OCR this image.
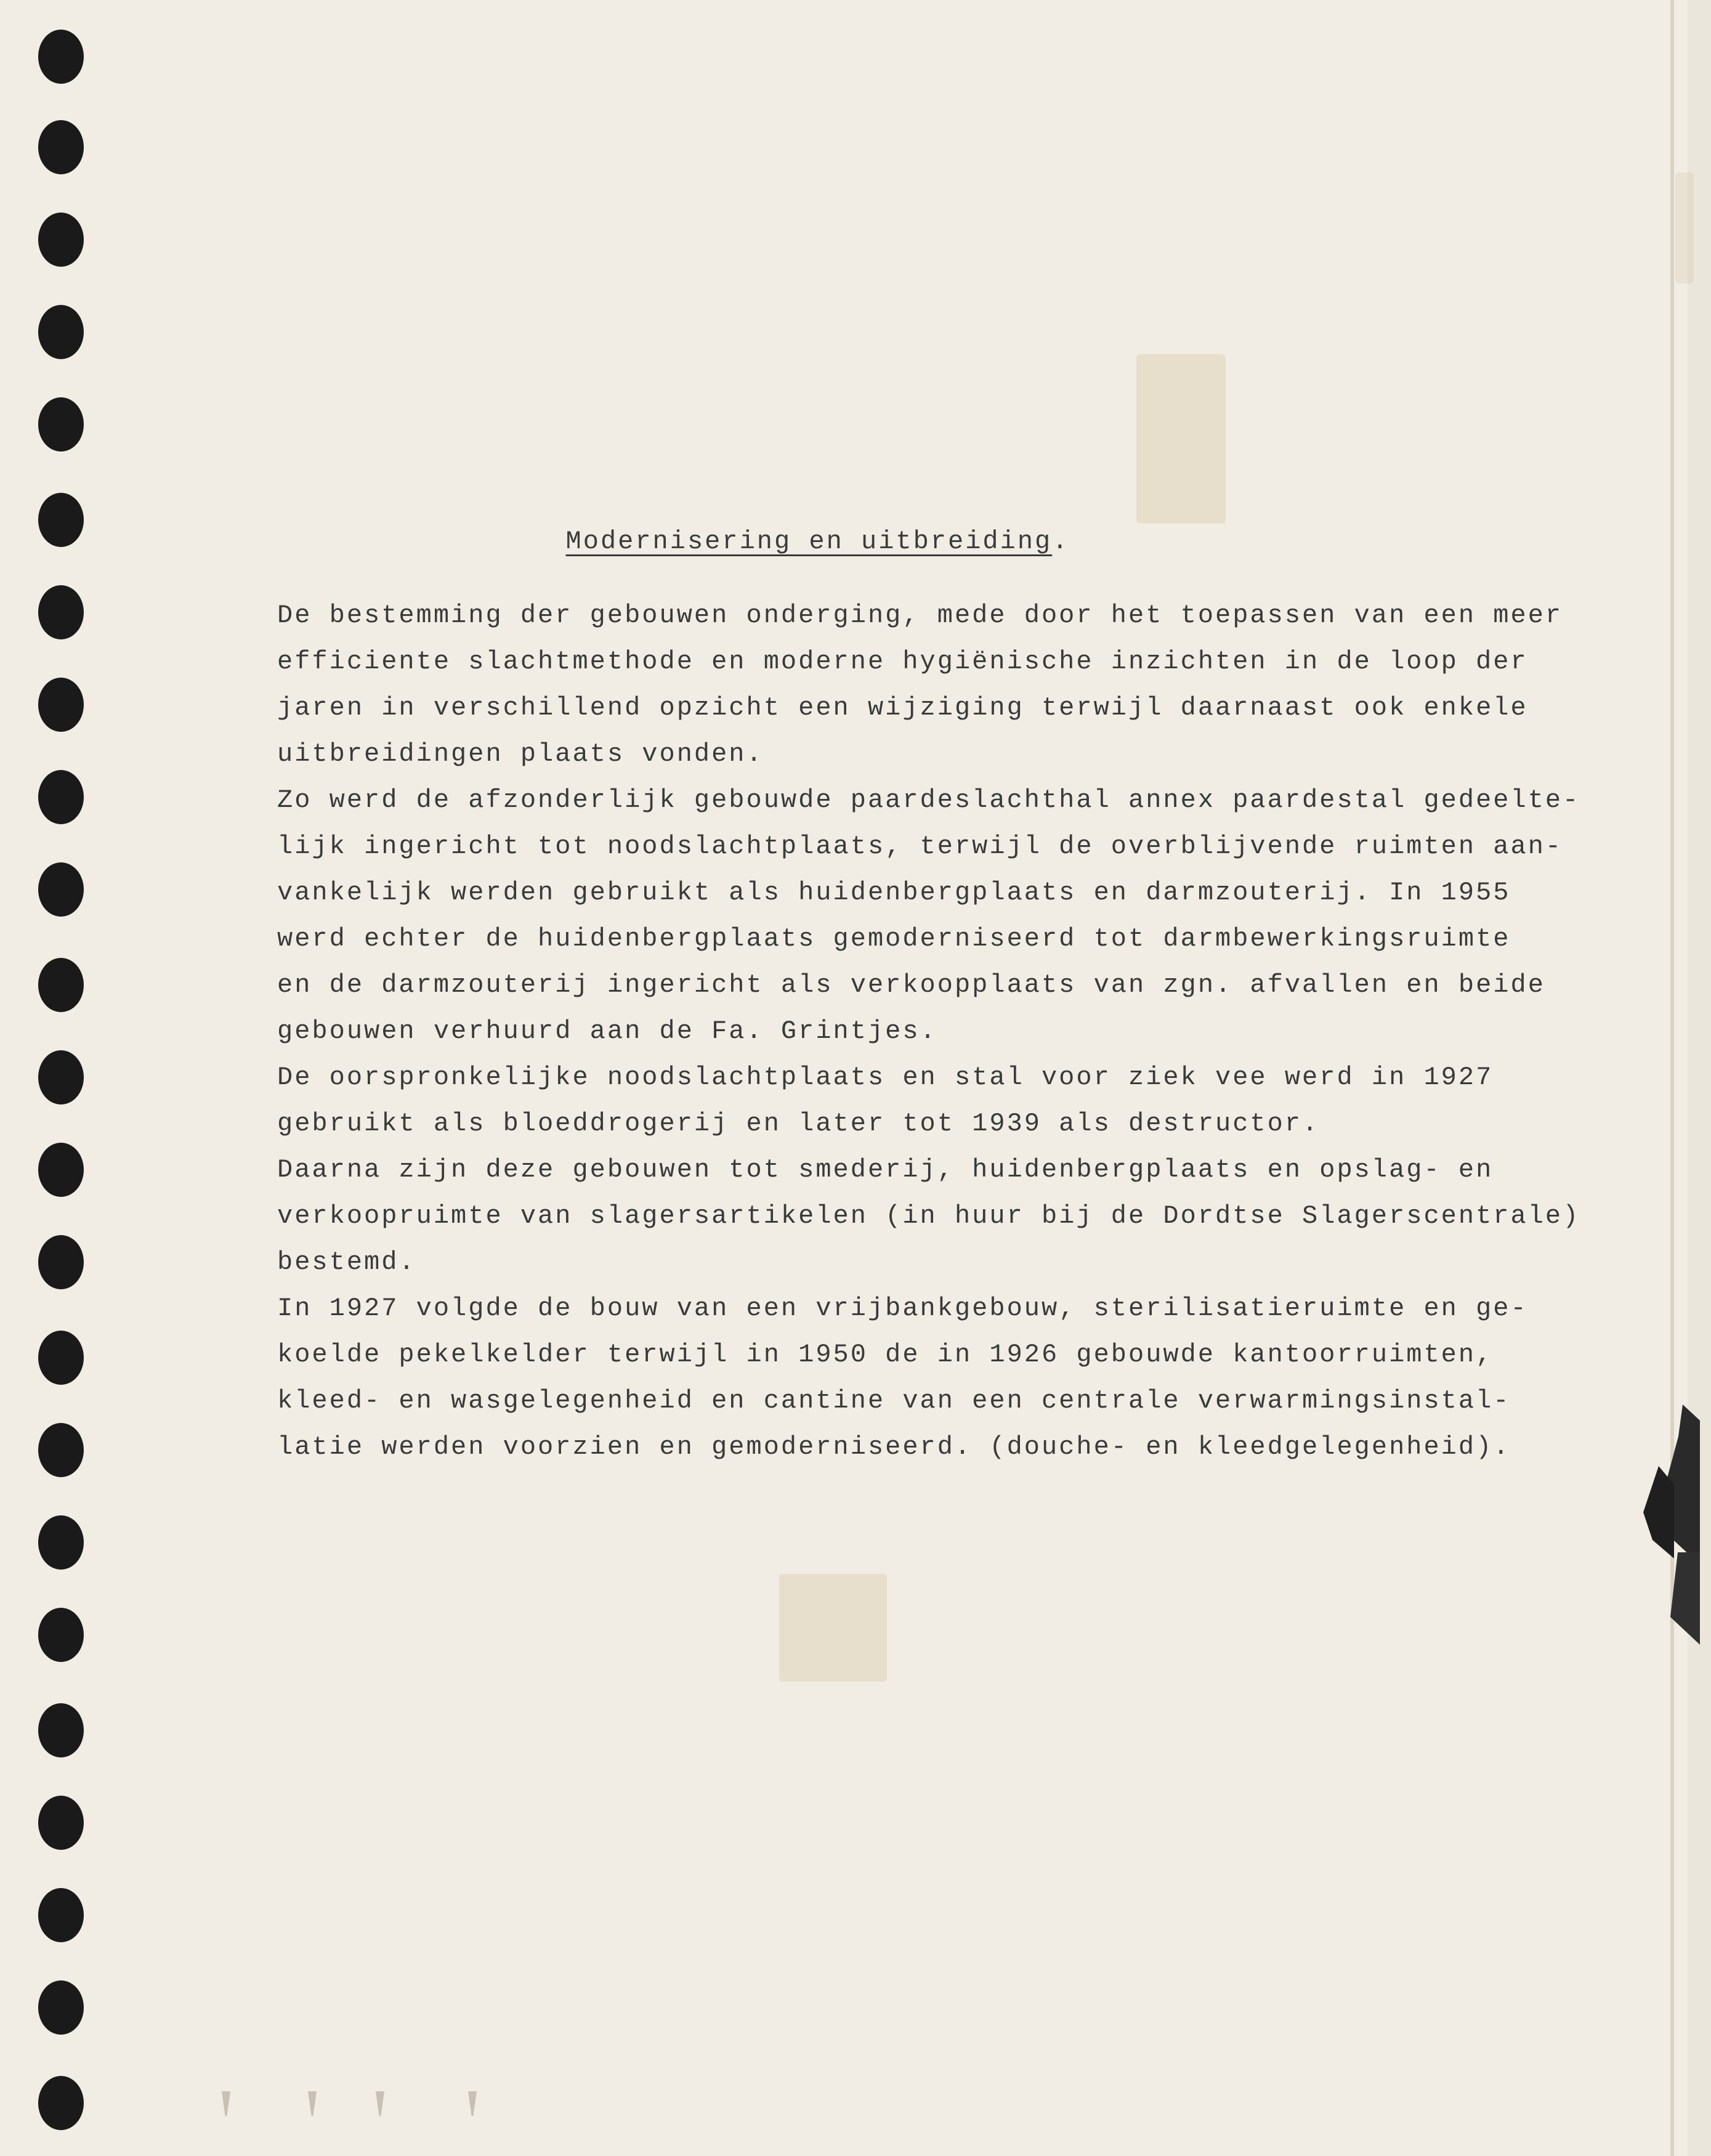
Modernisering en uitbreiding.
De bestemming der gebouwen onderging, mede door het toepassen van een meer
efficiente slachtmethode en moderne hygiënische inzichten in de loop der
jaren in verschillend opzicht een wijziging terwijl daarnaast ook enkele
uitbreidingen plaats vonden.
Zo werd de afzonderlijk gebouwde paardeslachthal annex paardestal gedeelte-
lijk ingericht tot noodslachtplaats, terwijl de overblijvende ruimten aan-
vankelijk werden gebruikt als huidenbergplaats en darmzouterij. In 1955
werd echter de huidenbergplaats gemoderniseerd tot darmbewerkingsruimte
en de darmzouterij ingericht als verkoopplaats van zgn. afvallen en beide
gebouwen verhuurd aan de Fa. Grintjes.
De oorspronkelijke noodslachtplaats en stal voor ziek vee werd in 1927
gebruikt als bloeddrogerij en later tot 1939 als destructor.
Daarna zijn deze gebouwen tot smederij, huidenbergplaats en opslag- en
verkoopruimte van slagersartikelen (in huur bij de Dordtse Slagerscentrale)
bestemd.
In 1927 volgde de bouw van een vrijbankgebouw, sterilisatieruimte en ge-
koelde pekelkelder terwijl in 1950 de in 1926 gebouwde kantoorruimten,
kleed- en wasgelegenheid en cantine van een centrale verwarmingsinstal-
latie werden voorzien en gemoderniseerd. (douche- en kleedgelegenheid).
